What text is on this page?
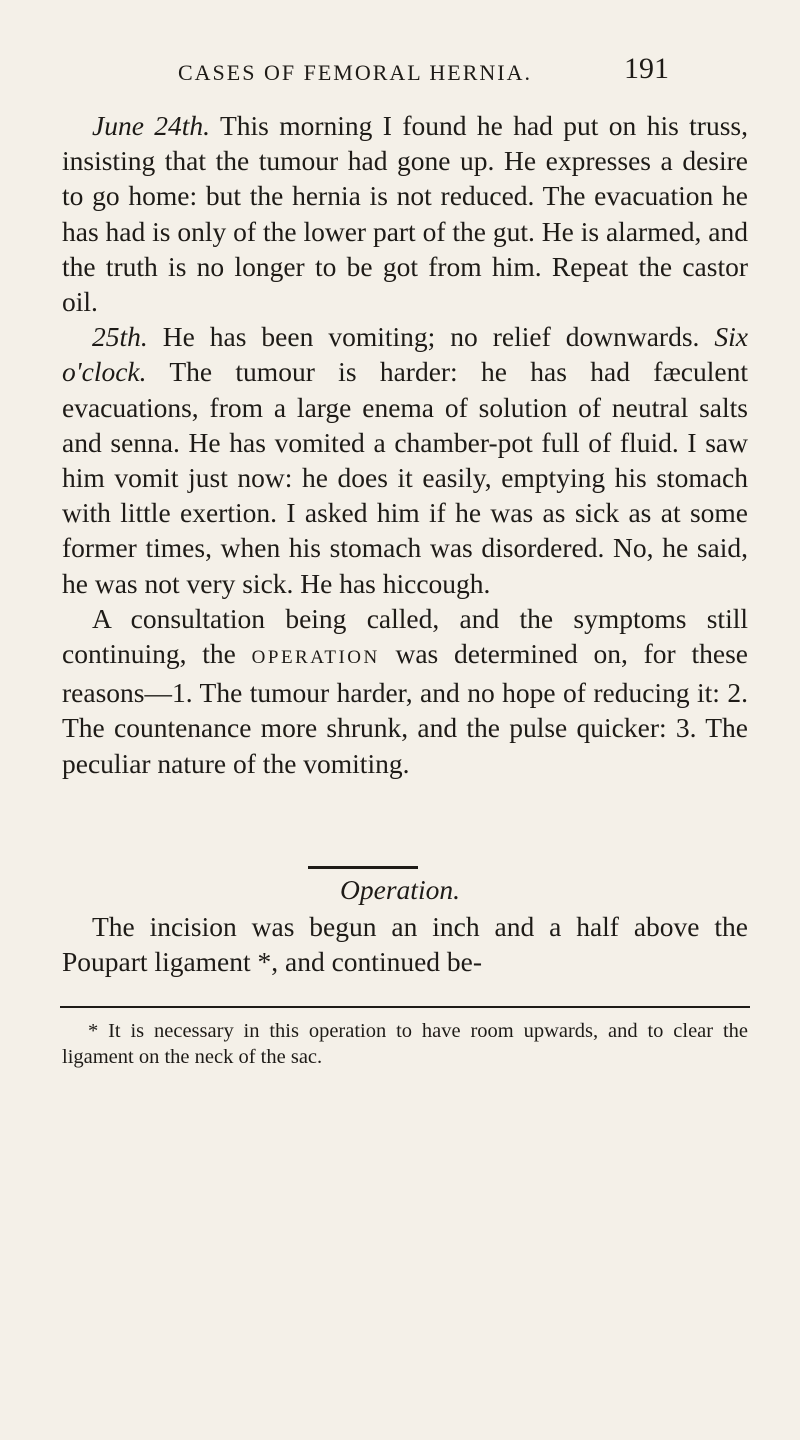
CASES OF FEMORAL HERNIA.	191

June 24th. This morning I found he had put on his truss, insisting that the tumour had gone up. He expresses a desire to go home: but the hernia is not reduced. The evacuation he has had is only of the lower part of the gut. He is alarmed, and the truth is no longer to be got from him. Repeat the castor oil.

25th. He has been vomiting; no relief downwards. Six o'clock. The tumour is harder: he has had fæculent evacuations, from a large enema of solution of neutral salts and senna. He has vomited a chamber-pot full of fluid. I saw him vomit just now: he does it easily, emptying his stomach with little exertion. I asked him if he was as sick as at some former times, when his stomach was disordered. No, he said, he was not very sick. He has hiccough.

A consultation being called, and the symptoms still continuing, the OPERATION was determined on, for these reasons—1. The tumour harder, and no hope of reducing it: 2. The countenance more shrunk, and the pulse quicker: 3. The peculiar nature of the vomiting.

Operation.

The incision was begun an inch and a half above the Poupart ligament *, and continued be-

* It is necessary in this operation to have room upwards, and to clear the ligament on the neck of the sac.
